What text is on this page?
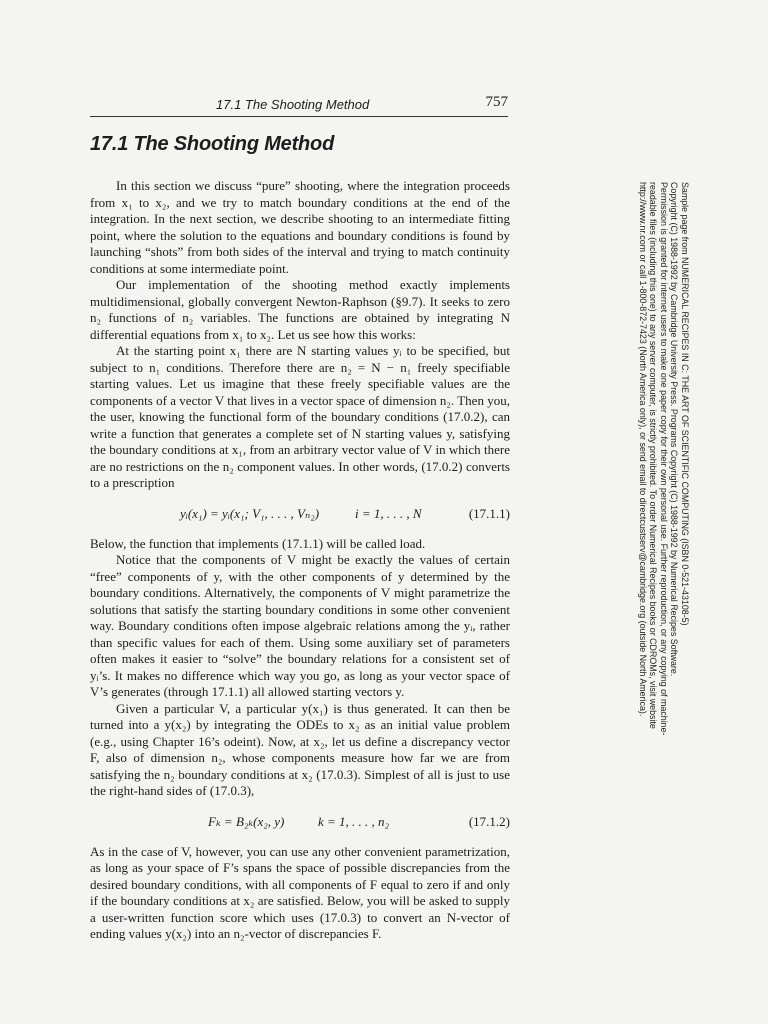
17.1 The Shooting Method	757
17.1 The Shooting Method

In this section we discuss “pure” shooting, where the integration proceeds from x₁ to x₂, and we try to match boundary conditions at the end of the integration. In the next section, we describe shooting to an intermediate fitting point, where the solution to the equations and boundary conditions is found by launching “shots” from both sides of the interval and trying to match continuity conditions at some intermediate point.

Our implementation of the shooting method exactly implements multidimensional, globally convergent Newton-Raphson (§9.7). It seeks to zero n₂ functions of n₂ variables. The functions are obtained by integrating N differential equations from x₁ to x₂. Let us see how this works:

At the starting point x₁ there are N starting values yᵢ to be specified, but subject to n₁ conditions. Therefore there are n₂ = N − n₁ freely specifiable starting values. Let us imagine that these freely specifiable values are the components of a vector V that lives in a vector space of dimension n₂. Then you, the user, knowing the functional form of the boundary conditions (17.0.2), can write a function that generates a complete set of N starting values y, satisfying the boundary conditions at x₁, from an arbitrary vector value of V in which there are no restrictions on the n₂ component values. In other words, (17.0.2) converts to a prescription

yᵢ(x₁) = yᵢ(x₁; V₁, . . . , Vₙ₂)	i = 1, . . . , N	(17.1.1)

Below, the function that implements (17.1.1) will be called load.

Notice that the components of V might be exactly the values of certain “free” components of y, with the other components of y determined by the boundary conditions. Alternatively, the components of V might parametrize the solutions that satisfy the starting boundary conditions in some other convenient way. Boundary conditions often impose algebraic relations among the yᵢ, rather than specific values for each of them. Using some auxiliary set of parameters often makes it easier to “solve” the boundary relations for a consistent set of yᵢ’s. It makes no difference which way you go, as long as your vector space of V’s generates (through 17.1.1) all allowed starting vectors y.

Given a particular V, a particular y(x₁) is thus generated. It can then be turned into a y(x₂) by integrating the ODEs to x₂ as an initial value problem (e.g., using Chapter 16’s odeint). Now, at x₂, let us define a discrepancy vector F, also of dimension n₂, whose components measure how far we are from satisfying the n₂ boundary conditions at x₂ (17.0.3). Simplest of all is just to use the right-hand sides of (17.0.3),

Fₖ = B₂ₖ(x₂, y)	k = 1, . . . , n₂	(17.1.2)

As in the case of V, however, you can use any other convenient parametrization, as long as your space of F’s spans the space of possible discrepancies from the desired boundary conditions, with all components of F equal to zero if and only if the boundary conditions at x₂ are satisfied. Below, you will be asked to supply a user-written function score which uses (17.0.3) to convert an N-vector of ending values y(x₂) into an n₂-vector of discrepancies F.

Sample page from NUMERICAL RECIPES IN C: THE ART OF SCIENTIFIC COMPUTING (ISBN 0-521-43108-5)
Copyright (C) 1988-1992 by Cambridge University Press. Programs Copyright (C) 1988-1992 by Numerical Recipes Software.
Permission is granted for internet users to make one paper copy for their own personal use. Further reproduction, or any copying of machine-
readable files (including this one) to any server computer, is strictly prohibited. To order Numerical Recipes books or CDROMs, visit website
http://www.nr.com or call 1-800-872-7423 (North America only), or send email to directcustserv@cambridge.org (outside North America).
